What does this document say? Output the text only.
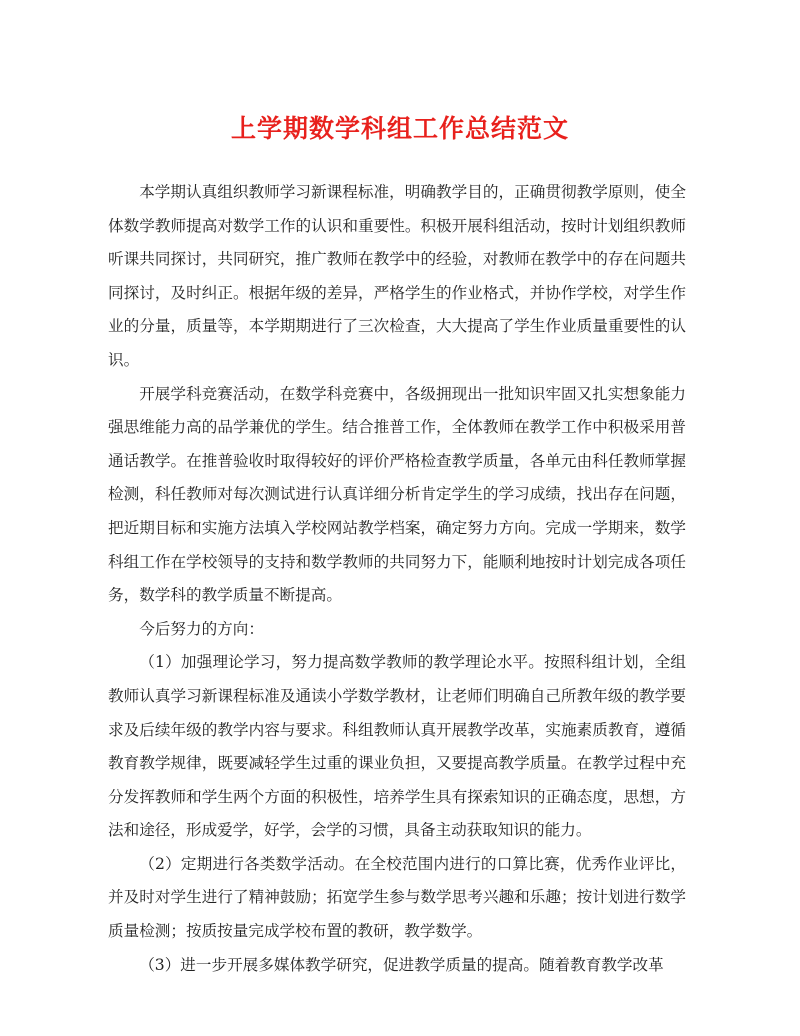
上学期数学科组工作总结范文

本学期认真组织教师学习新课程标准，明确教学目的，正确贯彻教学原则，使全体数学教师提高对数学工作的认识和重要性。积极开展科组活动，按时计划组织教师听课共同探讨，共同研究，推广教师在教学中的经验，对教师在教学中的存在问题共同探讨，及时纠正。根据年级的差异，严格学生的作业格式，并协作学校，对学生作业的分量，质量等，本学期期进行了三次检查，大大提高了学生作业质量重要性的认识。

开展学科竞赛活动，在数学科竞赛中，各级拥现出一批知识牢固又扎实想象能力强思维能力高的品学兼优的学生。结合推普工作，全体教师在教学工作中积极采用普通话教学。在推普验收时取得较好的评价严格检查教学质量，各单元由科任教师掌握检测，科任教师对每次测试进行认真详细分析肯定学生的学习成绩，找出存在问题，把近期目标和实施方法填入学校网站教学档案，确定努力方向。完成一学期来，数学科组工作在学校领导的支持和数学教师的共同努力下，能顺利地按时计划完成各项任务，数学科的教学质量不断提高。

今后努力的方向：

（1）加强理论学习，努力提高数学教师的教学理论水平。按照科组计划，全组教师认真学习新课程标准及通读小学数学教材，让老师们明确自己所教年级的教学要求及后续年级的教学内容与要求。科组教师认真开展教学改革，实施素质教育，遵循教育教学规律，既要减轻学生过重的课业负担，又要提高教学质量。在教学过程中充分发挥教师和学生两个方面的积极性，培养学生具有探索知识的正确态度，思想，方法和途径，形成爱学，好学，会学的习惯，具备主动获取知识的能力。

（2）定期进行各类数学活动。在全校范围内进行的口算比赛，优秀作业评比，并及时对学生进行了精神鼓励；拓宽学生参与数学思考兴趣和乐趣；按计划进行数学质量检测；按质按量完成学校布置的教研，教学数学。

（3）进一步开展多媒体教学研究，促进教学质量的提高。随着教育教学改革
